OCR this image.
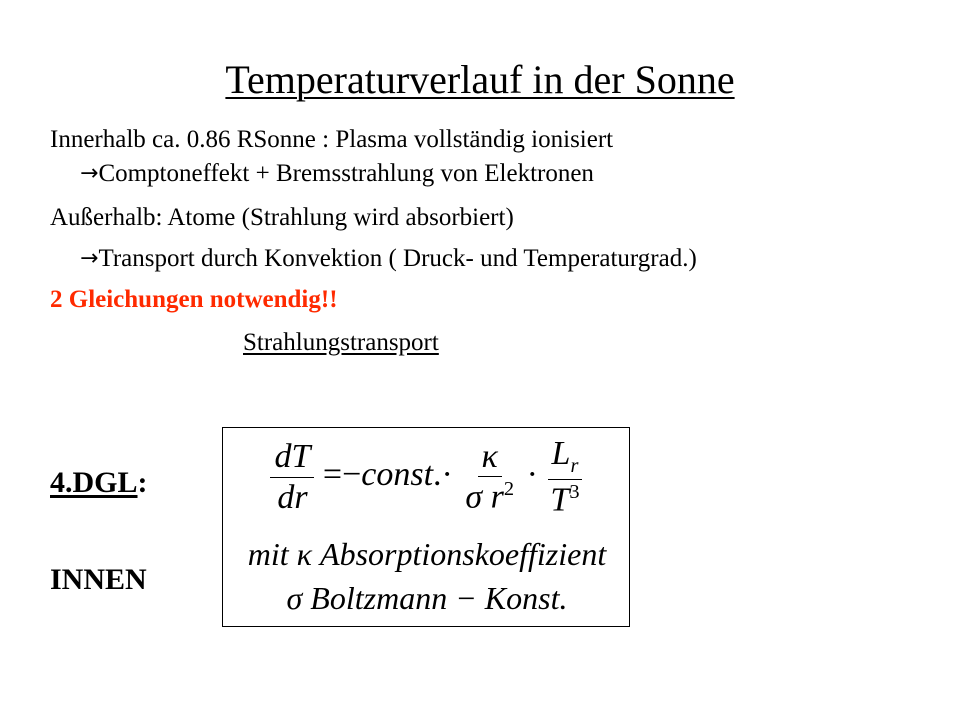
Temperaturverlauf in der Sonne
Innerhalb ca. 0.86 RSonne : Plasma vollständig ionisiert
→Comptoneffekt + Bremsstrahlung von Elektronen
Außerhalb: Atome (Strahlung wird absorbiert)
→Transport durch Konvektion ( Druck- und Temperaturgrad.)
2 Gleichungen notwendig!!
Strahlungstransport
4.DGL:
INNEN
$\frac{dT}{dr}$ =−const.· $\frac{\kappa}{\sigma r^2} \cdot \frac{L_r}{T^3}$
mit κ Absorptionskoeffizient
σ Boltzmann − Konst.
